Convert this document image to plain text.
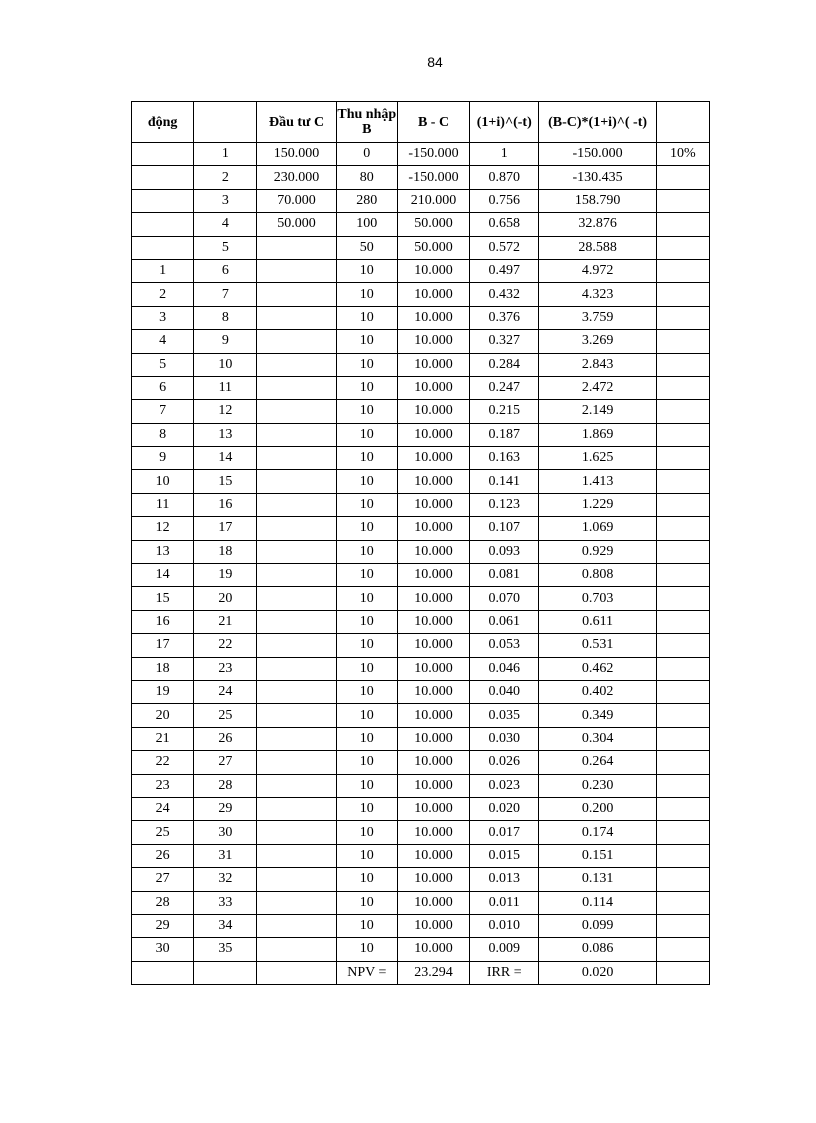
84
động		Đầu tư C	Thu nhập B	B - C	(1+i)^(-t)	(B-C)*(1+i)^( -t)	
	1	150.000	0	-150.000	1	-150.000	10%
	2	230.000	80	-150.000	0.870	-130.435	
	3	70.000	280	210.000	0.756	158.790	
	4	50.000	100	50.000	0.658	32.876	
	5		50	50.000	0.572	28.588	
1	6		10	10.000	0.497	4.972	
2	7		10	10.000	0.432	4.323	
3	8		10	10.000	0.376	3.759	
4	9		10	10.000	0.327	3.269	
5	10		10	10.000	0.284	2.843	
6	11		10	10.000	0.247	2.472	
7	12		10	10.000	0.215	2.149	
8	13		10	10.000	0.187	1.869	
9	14		10	10.000	0.163	1.625	
10	15		10	10.000	0.141	1.413	
11	16		10	10.000	0.123	1.229	
12	17		10	10.000	0.107	1.069	
13	18		10	10.000	0.093	0.929	
14	19		10	10.000	0.081	0.808	
15	20		10	10.000	0.070	0.703	
16	21		10	10.000	0.061	0.611	
17	22		10	10.000	0.053	0.531	
18	23		10	10.000	0.046	0.462	
19	24		10	10.000	0.040	0.402	
20	25		10	10.000	0.035	0.349	
21	26		10	10.000	0.030	0.304	
22	27		10	10.000	0.026	0.264	
23	28		10	10.000	0.023	0.230	
24	29		10	10.000	0.020	0.200	
25	30		10	10.000	0.017	0.174	
26	31		10	10.000	0.015	0.151	
27	32		10	10.000	0.013	0.131	
28	33		10	10.000	0.011	0.114	
29	34		10	10.000	0.010	0.099	
30	35		10	10.000	0.009	0.086	
			NPV =	23.294	IRR =	0.020	
